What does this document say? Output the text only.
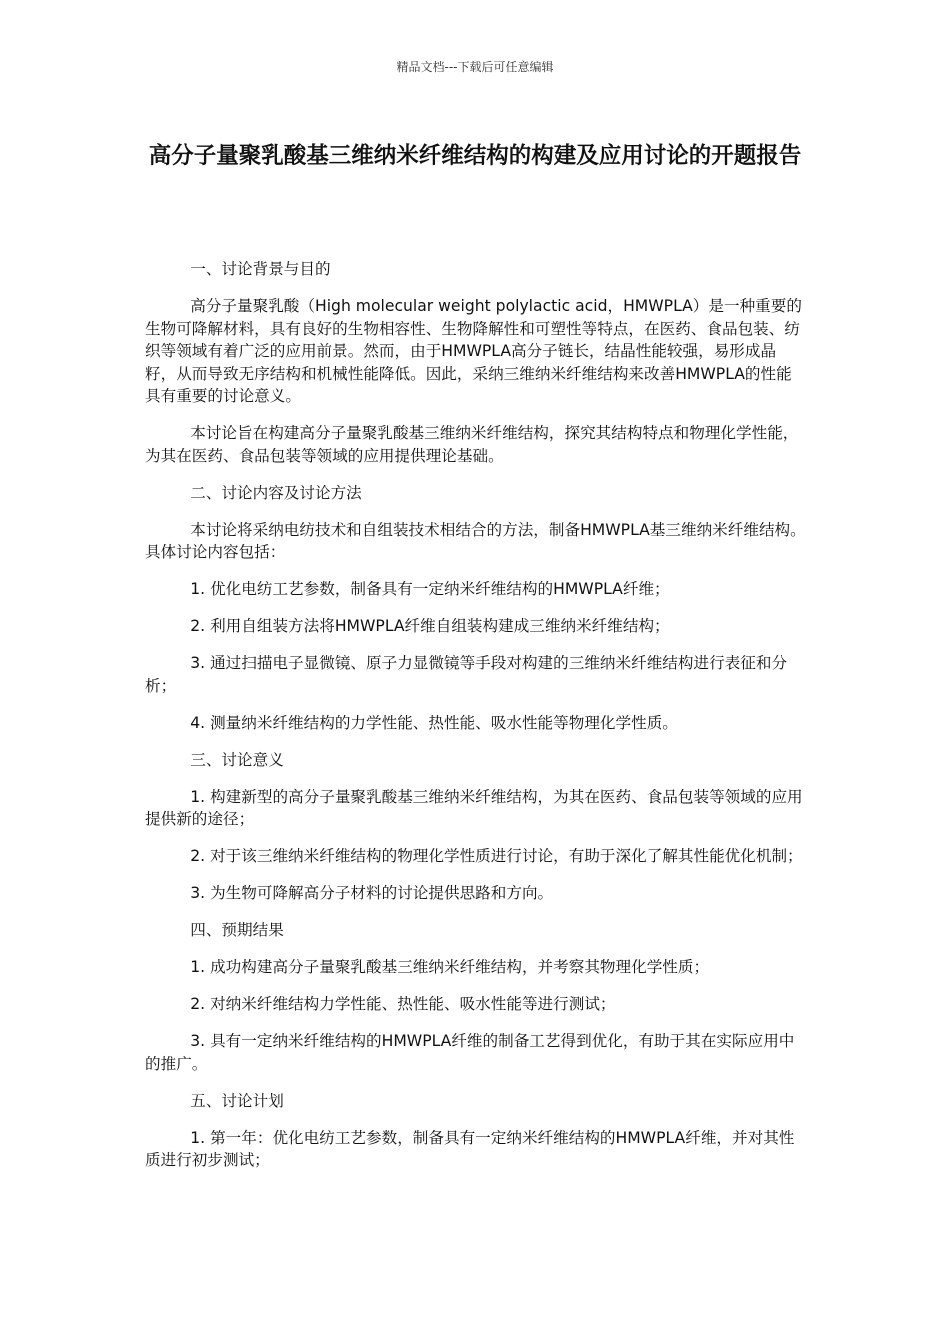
精品文档---下载后可任意编辑
高分子量聚乳酸基三维纳米纤维结构的构建及应用讨论的开题报告

一、讨论背景与目的

高分子量聚乳酸（High molecular weight polylactic acid，HMWPLA）是一种重要的生物可降解材料，具有良好的生物相容性、生物降解性和可塑性等特点，在医药、食品包装、纺织等领域有着广泛的应用前景。然而，由于HMWPLA高分子链长，结晶性能较强，易形成晶籽，从而导致无序结构和机械性能降低。因此，采纳三维纳米纤维结构来改善HMWPLA的性能具有重要的讨论意义。

本讨论旨在构建高分子量聚乳酸基三维纳米纤维结构，探究其结构特点和物理化学性能，为其在医药、食品包装等领域的应用提供理论基础。

二、讨论内容及讨论方法

本讨论将采纳电纺技术和自组装技术相结合的方法，制备HMWPLA基三维纳米纤维结构。具体讨论内容包括：

1. 优化电纺工艺参数，制备具有一定纳米纤维结构的HMWPLA纤维；

2. 利用自组装方法将HMWPLA纤维自组装构建成三维纳米纤维结构；

3. 通过扫描电子显微镜、原子力显微镜等手段对构建的三维纳米纤维结构进行表征和分析；

4. 测量纳米纤维结构的力学性能、热性能、吸水性能等物理化学性质。

三、讨论意义

1. 构建新型的高分子量聚乳酸基三维纳米纤维结构，为其在医药、食品包装等领域的应用提供新的途径；

2. 对于该三维纳米纤维结构的物理化学性质进行讨论，有助于深化了解其性能优化机制；

3. 为生物可降解高分子材料的讨论提供思路和方向。

四、预期结果

1. 成功构建高分子量聚乳酸基三维纳米纤维结构，并考察其物理化学性质；

2. 对纳米纤维结构力学性能、热性能、吸水性能等进行测试；

3. 具有一定纳米纤维结构的HMWPLA纤维的制备工艺得到优化，有助于其在实际应用中的推广。

五、讨论计划

1. 第一年：优化电纺工艺参数，制备具有一定纳米纤维结构的HMWPLA纤维，并对其性质进行初步测试；
